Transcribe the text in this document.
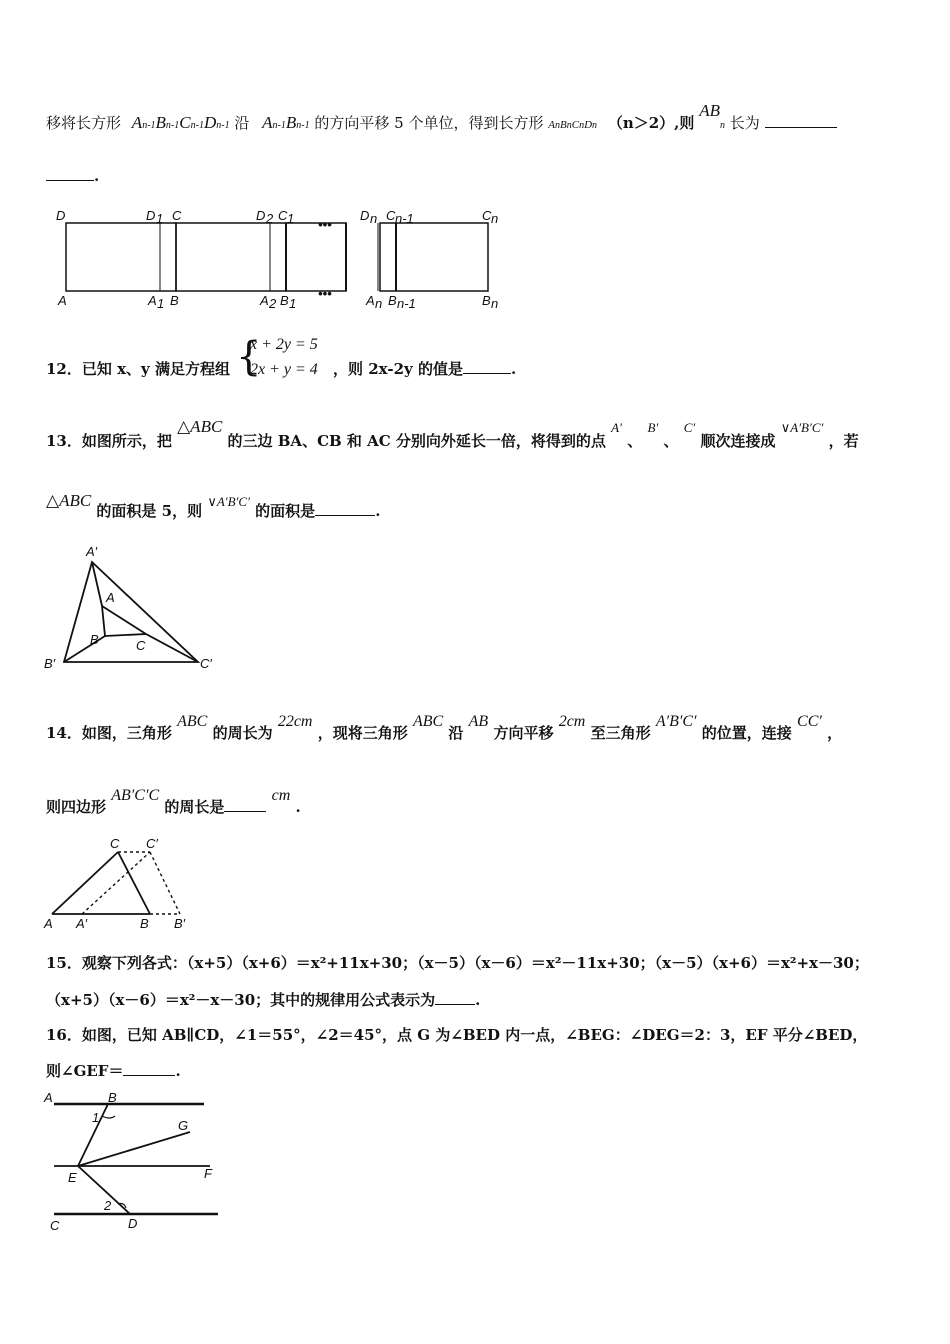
移将长方形 An-1Bn-1Cn-1Dn-1 沿 An-1Bn-1 的方向平移 5 个单位，得到长方形 AnBnCnDn （n＞2）,则 ABn 长为
.
D	D 1 C	D 2 C 1 •••
D n C n-1	C n
A	A 1 B	A 2 B 1
•••	A n B n-1	B n
12．已知 x、y 满足方程组 {
x + 2y = 5
2x + y = 4 ，则 2x-2y 的值是	.
13．如图所示，把 △ABC 的三边 BA、CB 和 AC 分别向外延长一倍，将得到的点 A′ 、 B′ 、 C′ 顺次连接成 ∨A′B′C′ ，若
△ABC 的面积是 5，则 ∨A′B′C′ 的面积是	.
A′
A
B	C
B′	C′
14．如图，三角形 ABC 的周长为 22cm ，现将三角形 ABC 沿 AB 方向平移 2cm 至三角形 A′B′C′ 的位置，连接 CC′ ，
则四边形 AB′C′C 的周长是 cm .
C C′
A A′	B B′
15．观察下列各式：（x+5）（x+6）＝x²+11x+30；（x－5）（x－6）＝x²－11x+30；（x－5）（x+6）＝x²+x－30；
（x+5）（x－6）＝x²－x－30；其中的规律用公式表示为	.
16．如图，已知 AB∥CD，∠1＝55°，∠2＝45°，点 G 为∠BED 内一点，∠BEG：∠DEG＝2：3，EF 平分∠BED，
则∠GEF＝	.
A	B
1
G
E	F
2
C	D
